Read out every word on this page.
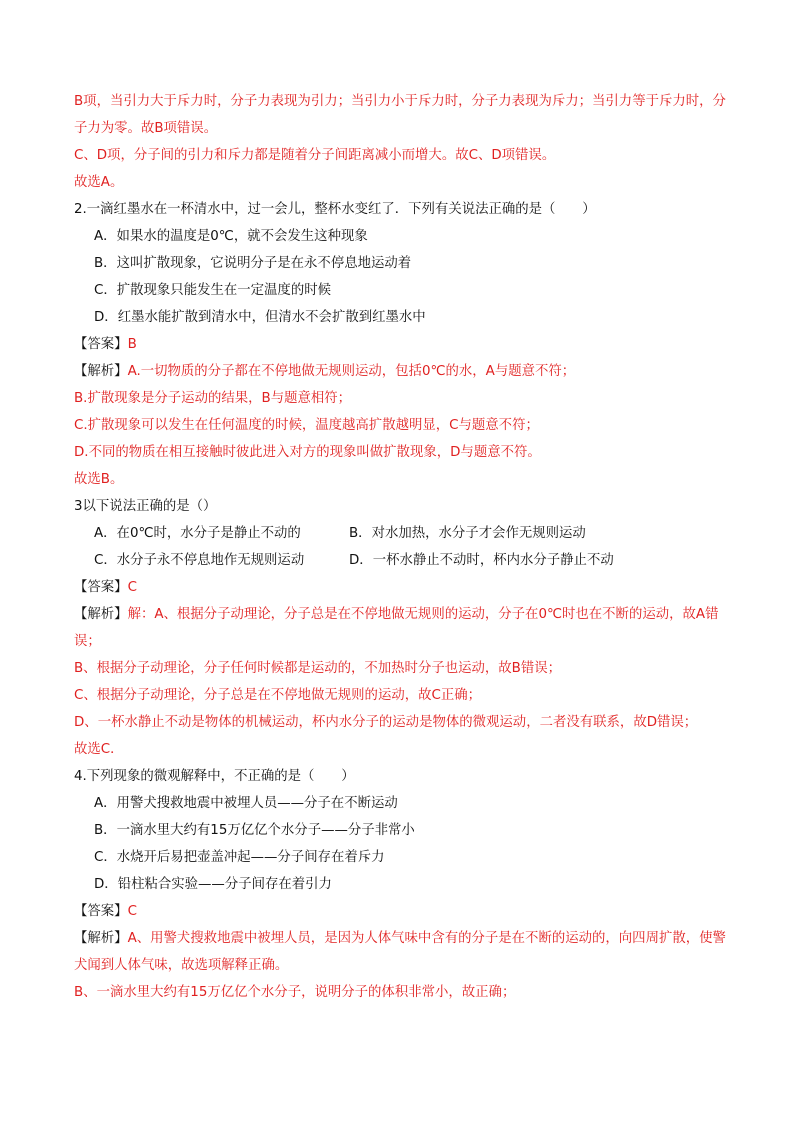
B项，当引力大于斥力时，分子力表现为引力；当引力小于斥力时，分子力表现为斥力；当引力等于斥力时，分子力为零。故B项错误。
C、D项，分子间的引力和斥力都是随着分子间距离减小而增大。故C、D项错误。
故选A。
2.一滴红墨水在一杯清水中，过一会儿，整杯水变红了．下列有关说法正确的是（　　）
A．如果水的温度是0℃，就不会发生这种现象
B．这叫扩散现象，它说明分子是在永不停息地运动着
C．扩散现象只能发生在一定温度的时候
D．红墨水能扩散到清水中，但清水不会扩散到红墨水中
【答案】B
【解析】A.一切物质的分子都在不停地做无规则运动，包括0℃的水，A与题意不符；
B.扩散现象是分子运动的结果，B与题意相符；
C.扩散现象可以发生在任何温度的时候，温度越高扩散越明显，C与题意不符；
D.不同的物质在相互接触时彼此进入对方的现象叫做扩散现象，D与题意不符。
故选B。
3以下说法正确的是（）
A．在0℃时，水分子是静止不动的	B．对水加热，水分子才会作无规则运动
C．水分子永不停息地作无规则运动	D．一杯水静止不动时，杯内水分子静止不动
【答案】C
【解析】解：A、根据分子动理论，分子总是在不停地做无规则的运动，分子在0℃时也在不断的运动，故A错误；
B、根据分子动理论，分子任何时候都是运动的，不加热时分子也运动，故B错误；
C、根据分子动理论，分子总是在不停地做无规则的运动，故C正确；
D、一杯水静止不动是物体的机械运动，杯内水分子的运动是物体的微观运动，二者没有联系，故D错误；
故选C．
4.下列现象的微观解释中，不正确的是（　　）
A．用警犬搜救地震中被埋人员——分子在不断运动
B．一滴水里大约有15万亿亿个水分子——分子非常小
C．水烧开后易把壶盖冲起——分子间存在着斥力
D．铅柱粘合实验——分子间存在着引力
【答案】C
【解析】A、用警犬搜救地震中被埋人员，是因为人体气味中含有的分子是在不断的运动的，向四周扩散，使警犬闻到人体气味，故选项解释正确。
B、一滴水里大约有15万亿亿个水分子，说明分子的体积非常小，故正确；
